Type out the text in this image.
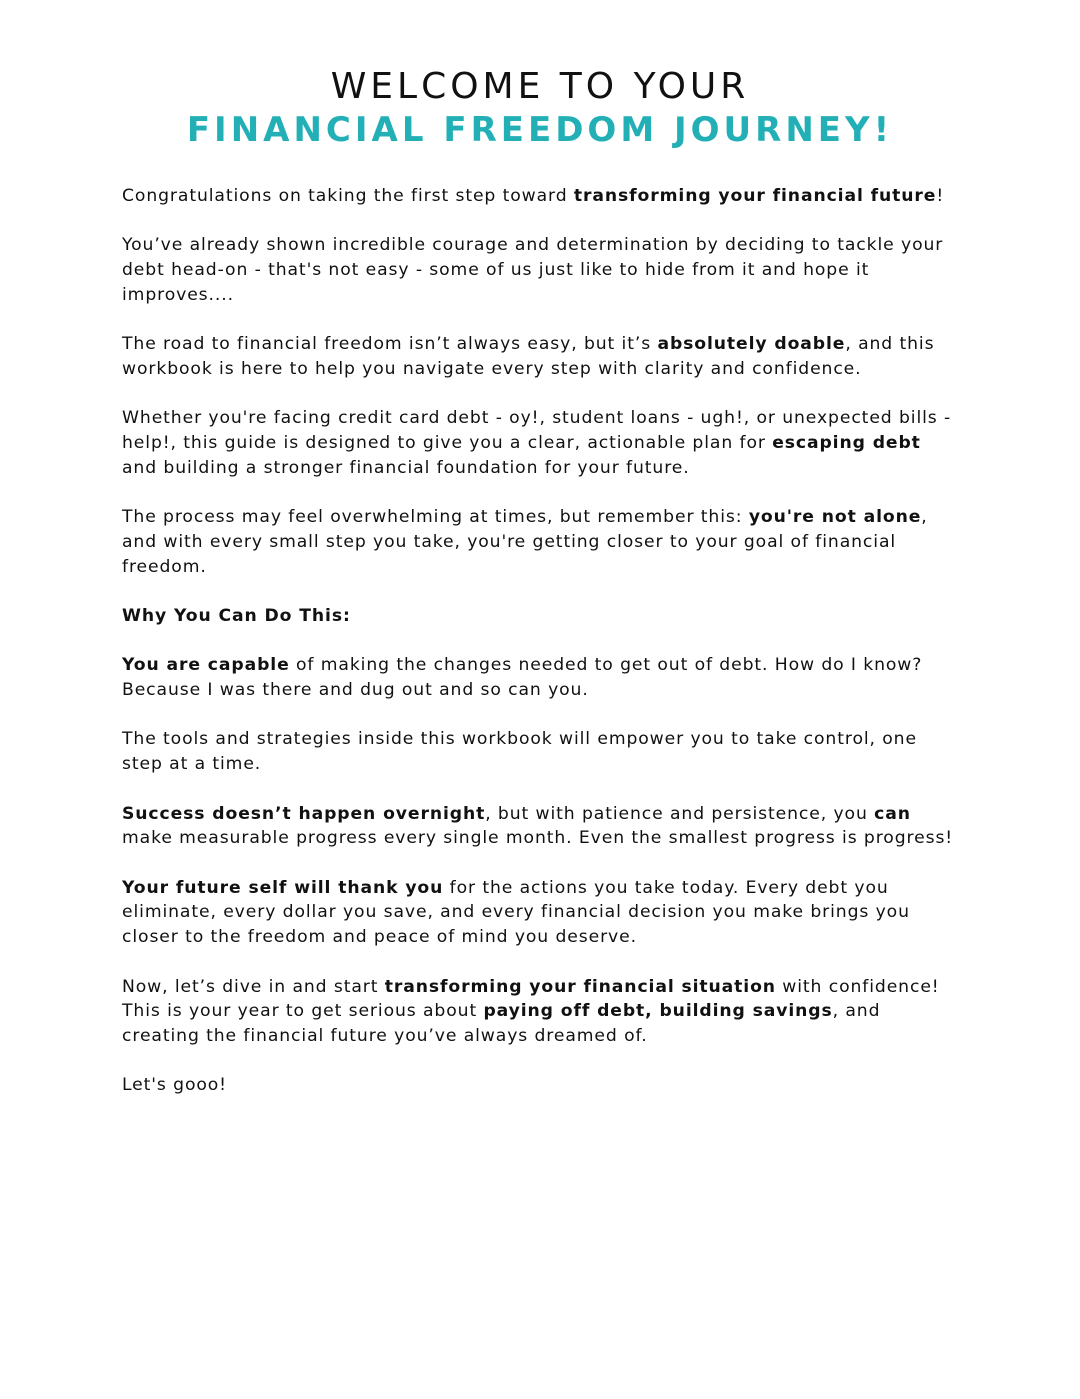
WELCOME TO YOUR
FINANCIAL FREEDOM JOURNEY!

Congratulations on taking the first step toward transforming your financial future!

You’ve already shown incredible courage and determination by deciding to tackle your debt head-on - that's not easy - some of us just like to hide from it and hope it improves....

The road to financial freedom isn’t always easy, but it’s absolutely doable, and this workbook is here to help you navigate every step with clarity and confidence.

Whether you're facing credit card debt - oy!, student loans - ugh!, or unexpected bills - help!, this guide is designed to give you a clear, actionable plan for escaping debt and building a stronger financial foundation for your future.

The process may feel overwhelming at times, but remember this: you're not alone, and with every small step you take, you're getting closer to your goal of financial freedom.

Why You Can Do This:

You are capable of making the changes needed to get out of debt. How do I know? Because I was there and dug out and so can you.

The tools and strategies inside this workbook will empower you to take control, one step at a time.

Success doesn’t happen overnight, but with patience and persistence, you can make measurable progress every single month. Even the smallest progress is progress!

Your future self will thank you for the actions you take today. Every debt you eliminate, every dollar you save, and every financial decision you make brings you closer to the freedom and peace of mind you deserve.

Now, let’s dive in and start transforming your financial situation with confidence! This is your year to get serious about paying off debt, building savings, and creating the financial future you’ve always dreamed of.

Let's gooo!
